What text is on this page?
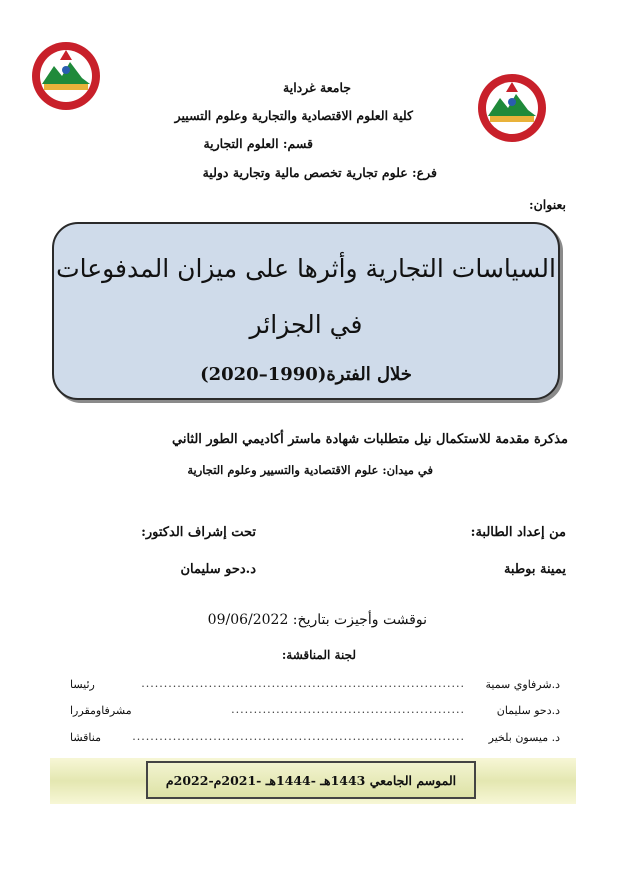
جامعة غرداية
كلية العلوم الاقتصادية والتجارية وعلوم التسيير
قسم: العلوم التجارية
فرع: علوم تجارية تخصص مالية وتجارية دولية
بعنوان:
السياسات التجارية وأثرها على ميزان المدفوعات
في الجزائر
خلال الفترة(1990–2020)
مذكرة مقدمة للاستكمال نيل متطلبات شهادة ماستر أكاديمي الطور الثاني
في ميدان: علوم الاقتصادية والتسيير وعلوم التجارية
من إعداد الطالبة:
تحت إشراف الدكتور:
يمينة بوطبة
د.دحو سليمان
نوقشت وأجيزت بتاريخ: 09/06/2022
لجنة المناقشة:
د.شرفاوي سمية
........................................................................
رئيسا
د.دحو سليمان
....................................................
مشرفاومقررا
د. ميسون بلخير
..........................................................................
مناقشا
الموسم الجامعي 1443هـ -1444هـ -2021م-2022م
